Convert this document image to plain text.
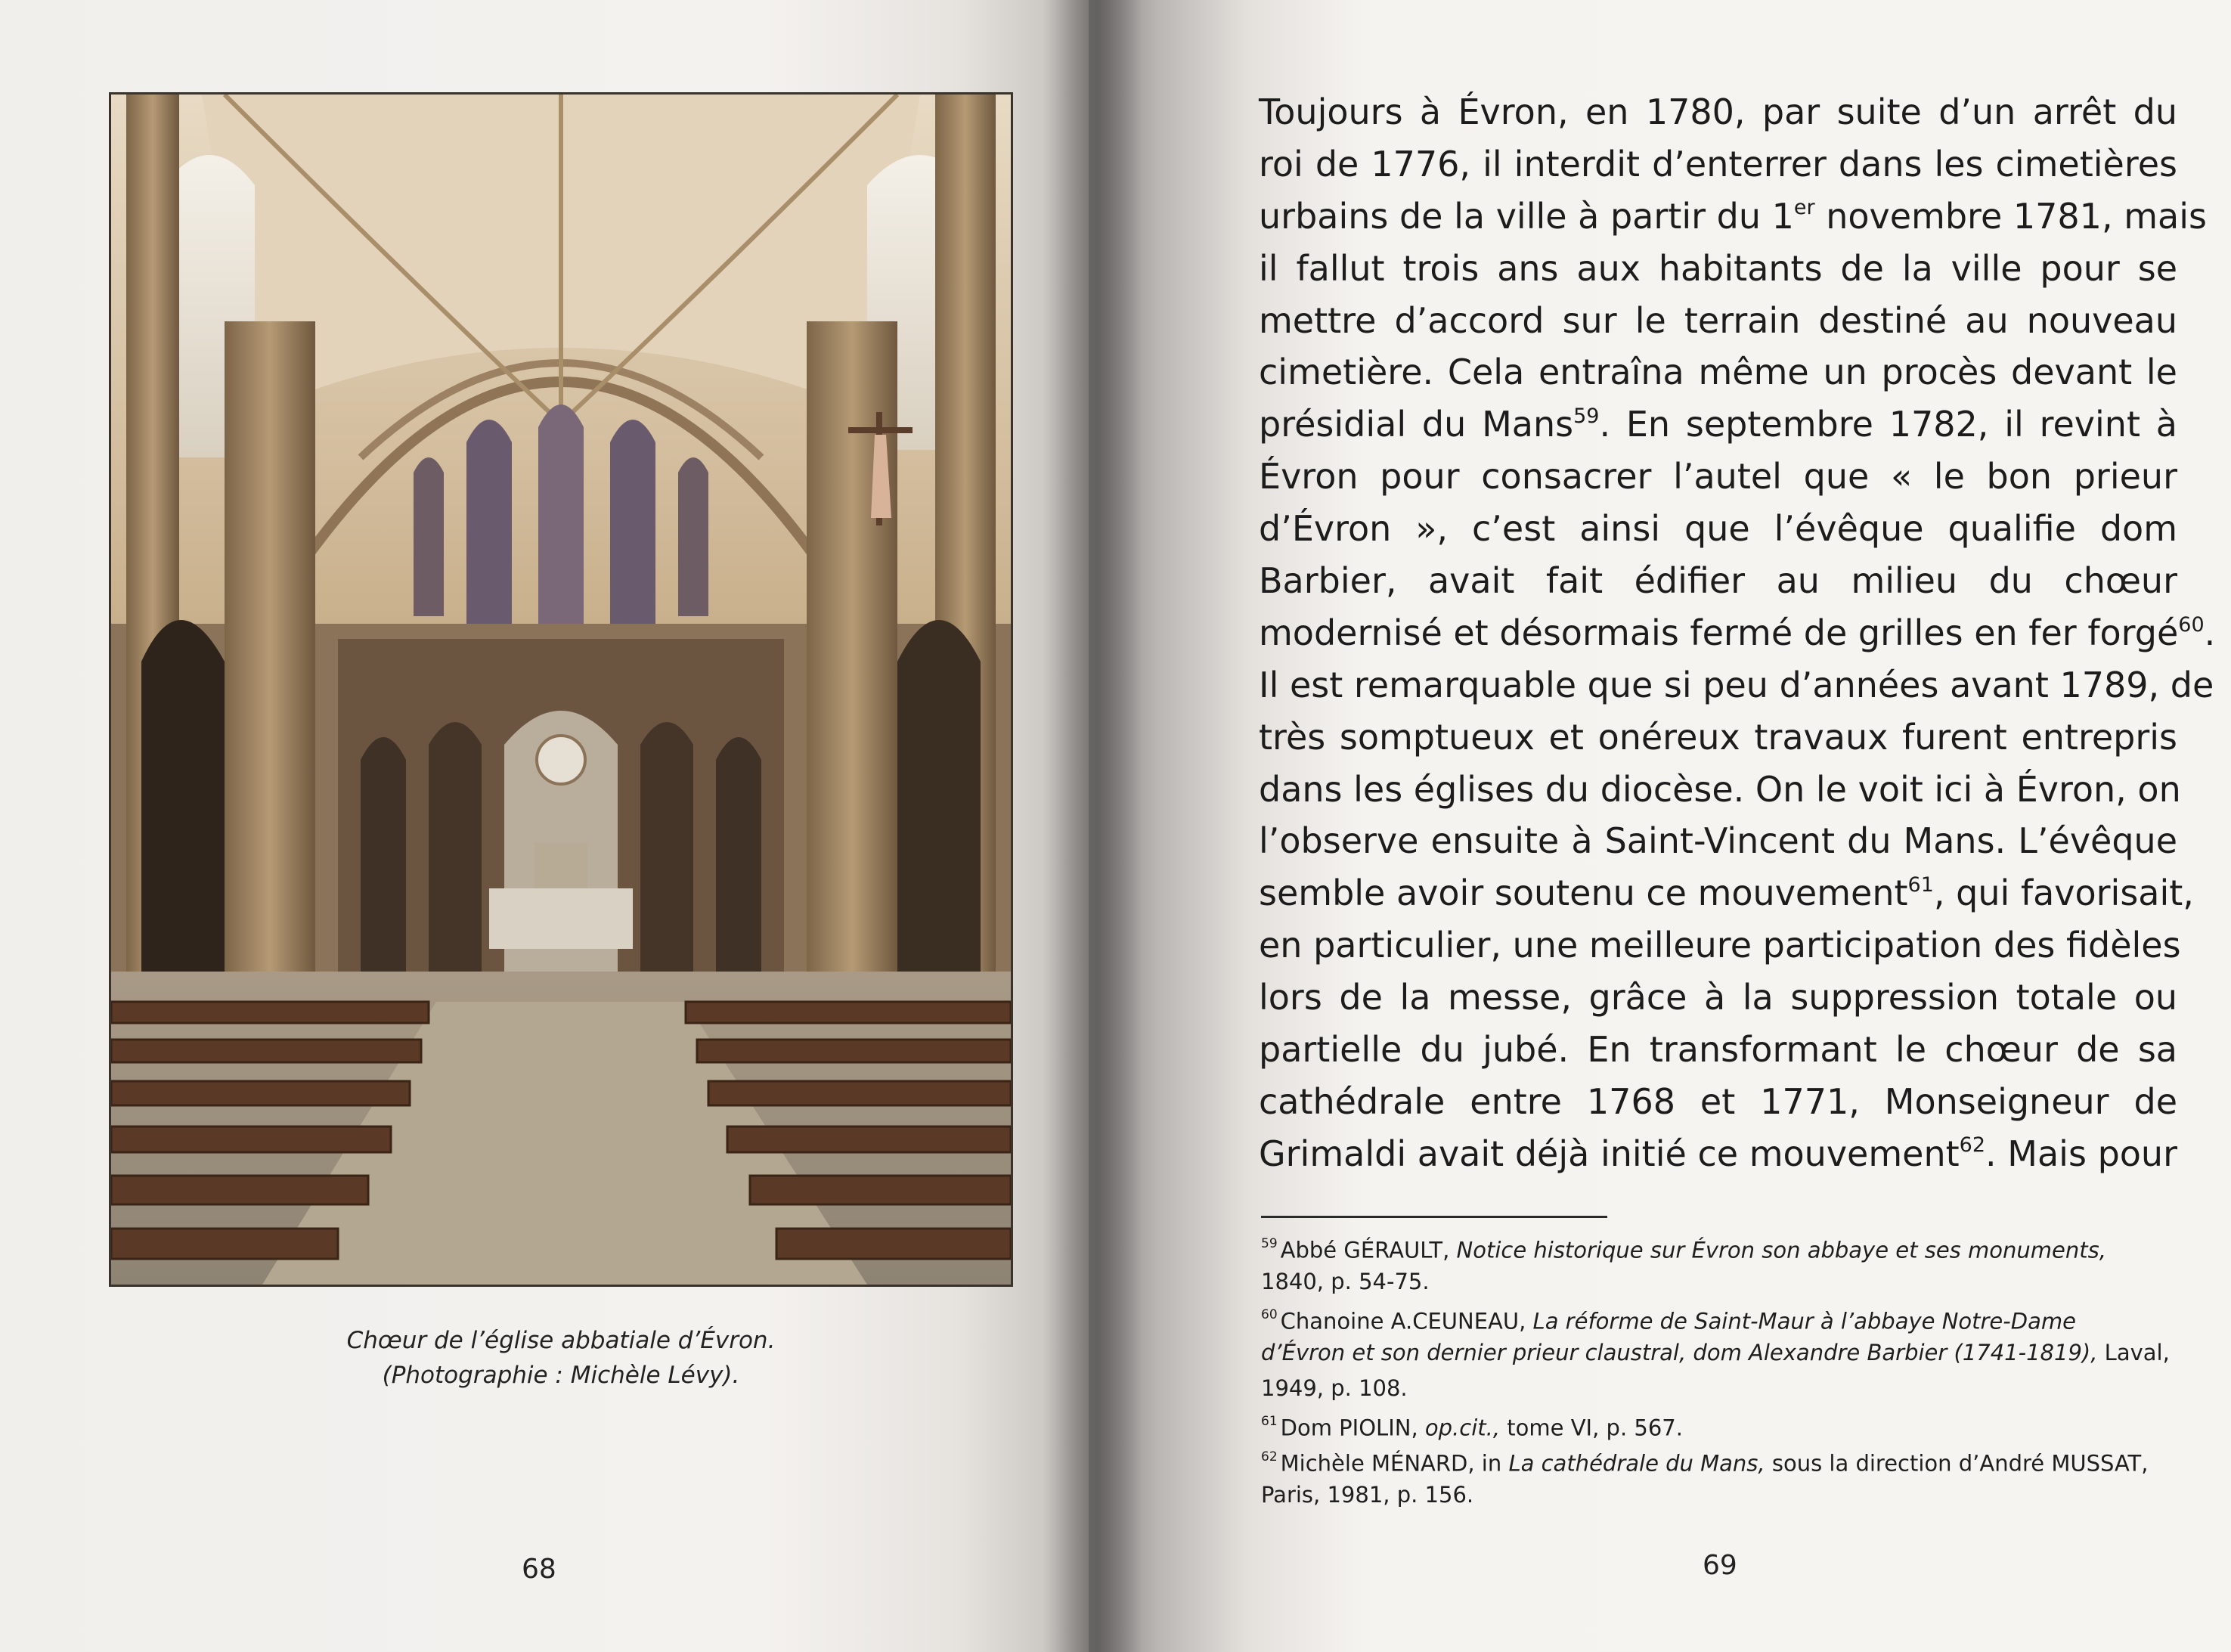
Chœur de l’église abbatiale d’Évron.
(Photographie : Michèle Lévy).
68
Toujours à Évron, en 1780, par suite d’un arrêt du
roi de 1776, il interdit d’enterrer dans les cimetières
urbains de la ville à partir du 1er novembre 1781, mais
il fallut trois ans aux habitants de la ville pour se
mettre d’accord sur le terrain destiné au nouveau
cimetière. Cela entraîna même un procès devant le
présidial du Mans$^{59}$. En septembre 1782, il revint à
Évron pour consacrer l’autel que « le bon prieur
d’Évron », c’est ainsi que l’évêque qualifie dom
Barbier, avait fait édifier au milieu du chœur
modernisé et désormais fermé de grilles en fer forgé$^{60}$.
Il est remarquable que si peu d’années avant 1789, de
très somptueux et onéreux travaux furent entrepris
dans les églises du diocèse. On le voit ici à Évron, on
l’observe ensuite à Saint-Vincent du Mans. L’évêque
semble avoir soutenu ce mouvement$^{61}$, qui favorisait,
en particulier, une meilleure participation des fidèles
lors de la messe, grâce à la suppression totale ou
partielle du jubé. En transformant le chœur de sa
cathédrale entre 1768 et 1771, Monseigneur de
Grimaldi avait déjà initié ce mouvement$^{62}$. Mais pour
$^{59}$ Abbé GÉRAULT, Notice historique sur Évron son abbaye et ses monuments,
1840, p. 54-75.
$^{60}$ Chanoine A.CEUNEAU, La réforme de Saint-Maur à l’abbaye Notre-Dame
d’Évron et son dernier prieur claustral, dom Alexandre Barbier (1741-1819), Laval,
1949, p. 108.
$^{61}$ Dom PIOLIN, op.cit., tome VI, p. 567.
$^{62}$ Michèle MÉNARD, in La cathédrale du Mans, sous la direction d’André MUSSAT,
Paris, 1981, p. 156.
69
